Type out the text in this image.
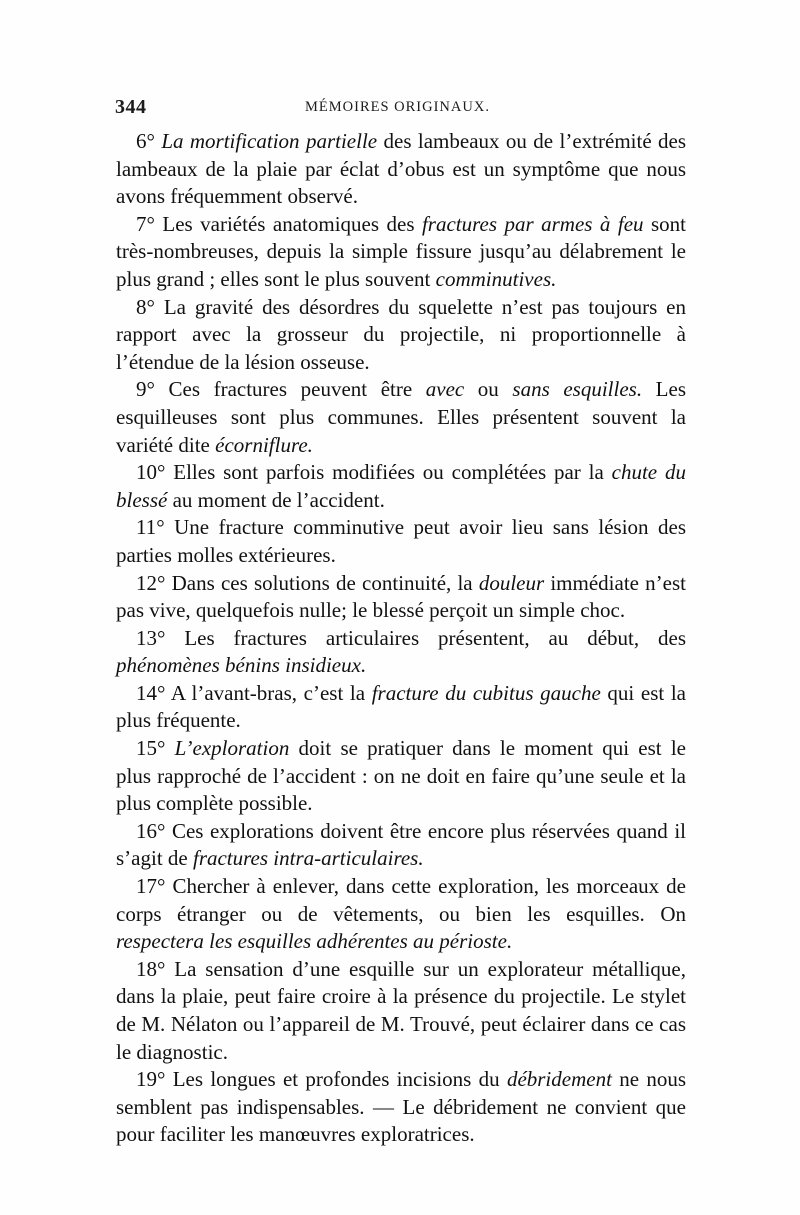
344	MÉMOIRES ORIGINAUX.

6° La mortification partielle des lambeaux ou de l’extrémité des lambeaux de la plaie par éclat d’obus est un symptôme que nous avons fréquemment observé.

7° Les variétés anatomiques des fractures par armes à feu sont très-nombreuses, depuis la simple fissure jusqu’au délabrement le plus grand ; elles sont le plus souvent comminutives.

8° La gravité des désordres du squelette n’est pas toujours en rapport avec la grosseur du projectile, ni proportionnelle à l’étendue de la lésion osseuse.

9° Ces fractures peuvent être avec ou sans esquilles. Les esquilleuses sont plus communes. Elles présentent souvent la variété dite écorniflure.

10° Elles sont parfois modifiées ou complétées par la chute du blessé au moment de l’accident.

11° Une fracture comminutive peut avoir lieu sans lésion des parties molles extérieures.

12° Dans ces solutions de continuité, la douleur immédiate n’est pas vive, quelquefois nulle; le blessé perçoit un simple choc.

13° Les fractures articulaires présentent, au début, des phénomènes bénins insidieux.

14° A l’avant-bras, c’est la fracture du cubitus gauche qui est la plus fréquente.

15° L’exploration doit se pratiquer dans le moment qui est le plus rapproché de l’accident : on ne doit en faire qu’une seule et la plus complète possible.

16° Ces explorations doivent être encore plus réservées quand il s’agit de fractures intra-articulaires.

17° Chercher à enlever, dans cette exploration, les morceaux de corps étranger ou de vêtements, ou bien les esquilles. On respectera les esquilles adhérentes au périoste.

18° La sensation d’une esquille sur un explorateur métallique, dans la plaie, peut faire croire à la présence du projectile. Le stylet de M. Nélaton ou l’appareil de M. Trouvé, peut éclairer dans ce cas le diagnostic.

19° Les longues et profondes incisions du débridement ne nous semblent pas indispensables. — Le débridement ne convient que pour faciliter les manœuvres exploratrices.
